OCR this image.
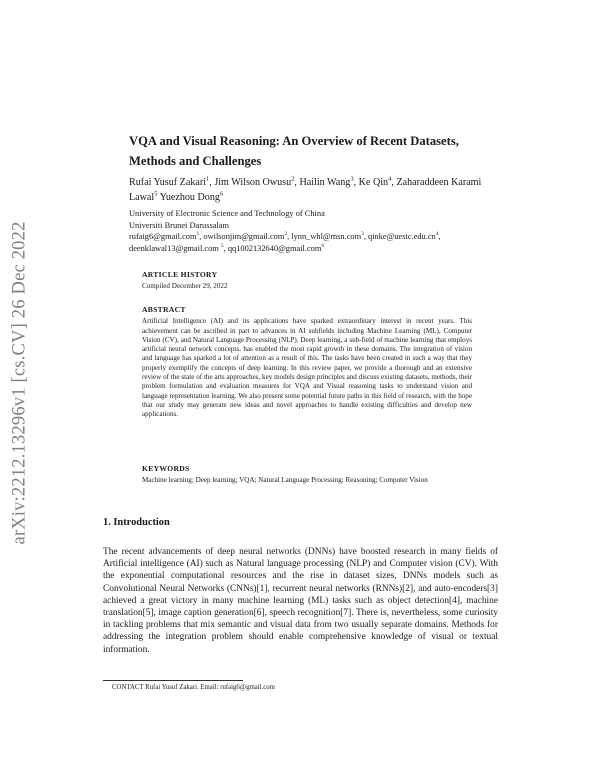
arXiv:2212.13296v1 [cs.CV] 26 Dec 2022
VQA and Visual Reasoning: An Overview of Recent Datasets, Methods and Challenges
Rufai Yusuf Zakari$^1$, Jim Wilson Owusu$^2$, Hailin Wang$^3$, Ke Qin$^4$, Zaharaddeen Karami Lawal$^5$ Yuezhou Dong$^6$
University of Electronic Science and Technology of China
Universiti Brunei Darussalam
rufaig6@gmail.com$^1$, owilsonjim@gmail.com$^2$, lynn_whl@msn.com$^3$, $qinke@uestc.edu.cn^4$,
deenklawal13@gmail.com $^5$, qq1002132640@gmail.com$^6$
ARTICLE HISTORY

Compiled December 29, 2022

ABSTRACT

Artificial Intelligence (AI) and its applications have sparked extraordinary interest in recent years. This achievement can be ascribed in part to advances in AI subfields including Machine Learning (ML), Computer Vision (CV), and Natural Language Processing (NLP). Deep learning, a sub-field of machine learning that employs artificial neural network concepts, has enabled the most rapid growth in these domains. The integration of vision and language has sparked a lot of attention as a result of this. The tasks have been created in such a way that they properly exemplify the concepts of deep learning. In this review paper, we provide a thorough and an extensive review of the state of the arts approaches, key models design principles and discuss existing datasets, methods, their problem formulation and evaluation measures for VQA and Visual reasoning tasks to understand vision and language representation learning. We also present some potential future paths in this field of research, with the hope that our study may generate new ideas and novel approaches to handle existing difficulties and develop new applications.

KEYWORDS

Machine learning; Deep learning; VQA; Natural Language Processing; Reasoning; Computer Vision

1. Introduction
The recent advancements of deep neural networks (DNNs) have boosted research in many fields of Artificial intelligence (AI) such as Natural language processing (NLP) and Computer vision (CV). With the exponential computational resources and the rise in dataset sizes, DNNs models such as Convolutional Neural Networks (CNNs)[1], recurrent neural networks (RNNs)[2], and auto-encoders[3] achieved a great victory in many machine learning (ML) tasks such as object detection[4], machine translation[5], image caption generation[6], speech recognition[7]. There is, nevertheless, some curiosity in tackling problems that mix semantic and visual data from two usually separate domains. Methods for addressing the integration problem should enable comprehensive knowledge of visual or textual information.
CONTACT Rufai Yusuf Zakari. Email: rufaig6@gmail.com
